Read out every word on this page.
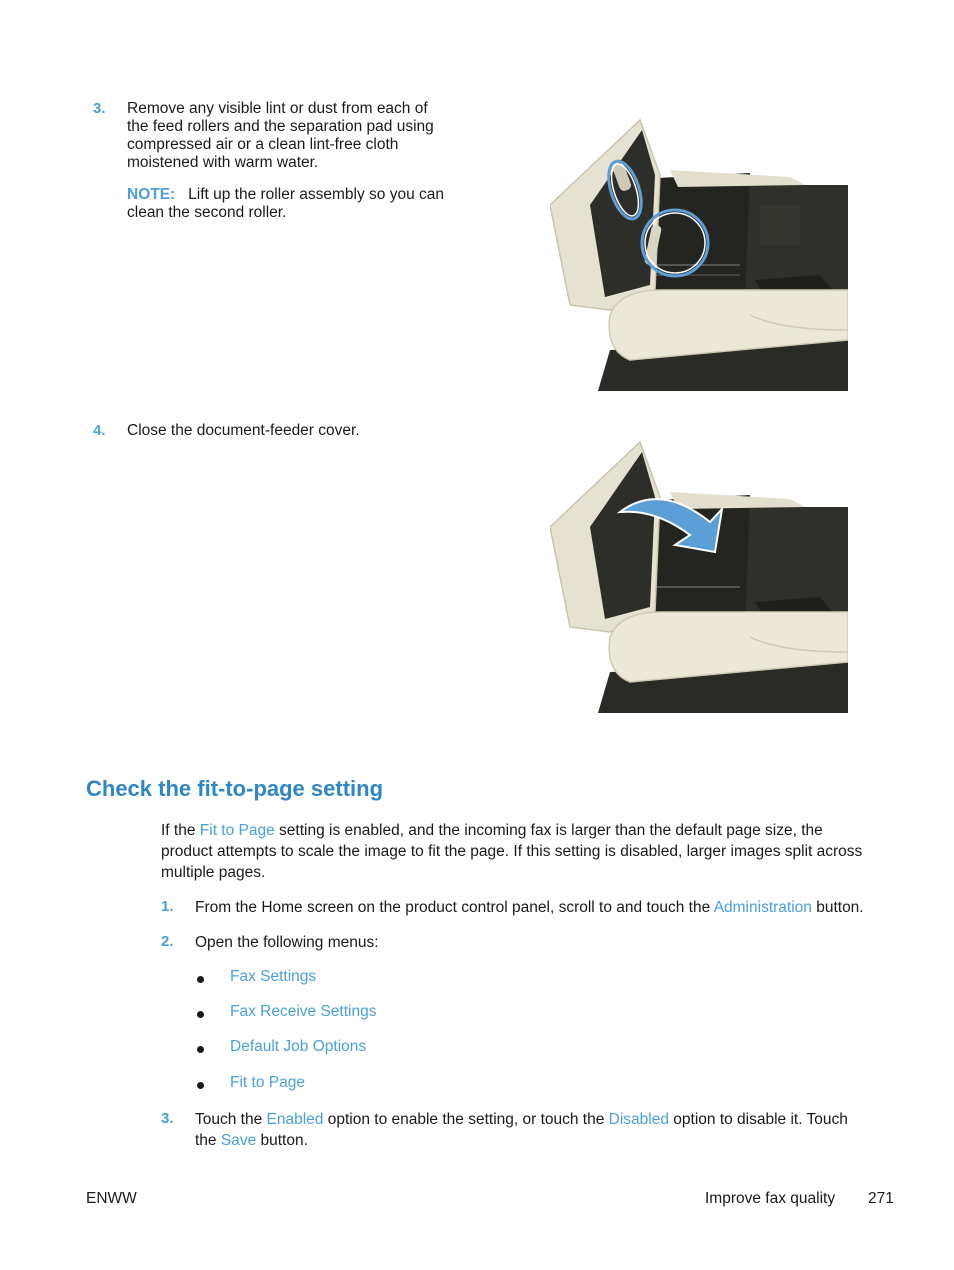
3. Remove any visible lint or dust from each of
the feed rollers and the separation pad using
compressed air or a clean lint-free cloth
moistened with warm water.
NOTE: Lift up the roller assembly so you can
clean the second roller.
4. Close the document-feeder cover.
Check the fit-to-page setting
If the Fit to Page setting is enabled, and the incoming fax is larger than the default page size, the
product attempts to scale the image to fit the page. If this setting is disabled, larger images split across
multiple pages.
1. From the Home screen on the product control panel, scroll to and touch the Administration button.
2. Open the following menus:
Fax Settings
Fax Receive Settings
Default Job Options
Fit to Page
3. Touch the Enabled option to enable the setting, or touch the Disabled option to disable it. Touch
the Save button.
ENWW	Improve fax quality 271
